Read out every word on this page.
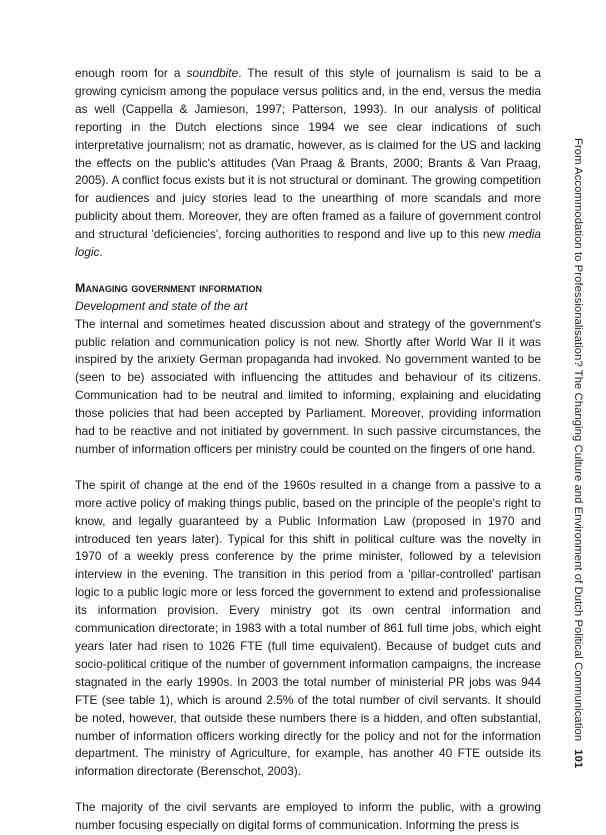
enough room for a soundbite. The result of this style of journalism is said to be a growing cynicism among the populace versus politics and, in the end, versus the media as well (Cappella & Jamieson, 1997; Patterson, 1993). In our analysis of political reporting in the Dutch elections since 1994 we see clear indications of such interpretative journalism; not as dramatic, however, as is claimed for the US and lacking the effects on the public's attitudes (Van Praag & Brants, 2000; Brants & Van Praag, 2005). A conflict focus exists but it is not structural or dominant. The growing competition for audiences and juicy stories lead to the unearthing of more scandals and more publicity about them. Moreover, they are often framed as a failure of government control and structural 'deficiencies', forcing authorities to respond and live up to this new media logic.

Managing government information

Development and state of the art

The internal and sometimes heated discussion about and strategy of the government's public relation and communication policy is not new. Shortly after World War II it was inspired by the anxiety German propaganda had invoked. No government wanted to be (seen to be) associated with influencing the attitudes and behaviour of its citizens. Communication had to be neutral and limited to informing, explaining and elucidating those policies that had been accepted by Parliament. Moreover, providing information had to be reactive and not initiated by government. In such passive circumstances, the number of information officers per ministry could be counted on the fingers of one hand.

The spirit of change at the end of the 1960s resulted in a change from a passive to a more active policy of making things public, based on the principle of the people's right to know, and legally guaranteed by a Public Information Law (proposed in 1970 and introduced ten years later). Typical for this shift in political culture was the novelty in 1970 of a weekly press conference by the prime minister, followed by a television interview in the evening. The transition in this period from a 'pillar-controlled' partisan logic to a public logic more or less forced the government to extend and professionalise its information provision. Every ministry got its own central information and communication directorate; in 1983 with a total number of 861 full time jobs, which eight years later had risen to 1026 FTE (full time equivalent). Because of budget cuts and socio-political critique of the number of government information campaigns, the increase stagnated in the early 1990s. In 2003 the total number of ministerial PR jobs was 944 FTE (see table 1), which is around 2.5% of the total number of civil servants. It should be noted, however, that outside these numbers there is a hidden, and often substantial, number of information officers working directly for the policy and not for the information department. The ministry of Agriculture, for example, has another 40 FTE outside its information directorate (Berenschot, 2003).

The majority of the civil servants are employed to inform the public, with a growing number focusing especially on digital forms of communication. Informing the press is

From Accommodation to Professionalisation? The Changing Culture and Environment of Dutch Political Communication101
